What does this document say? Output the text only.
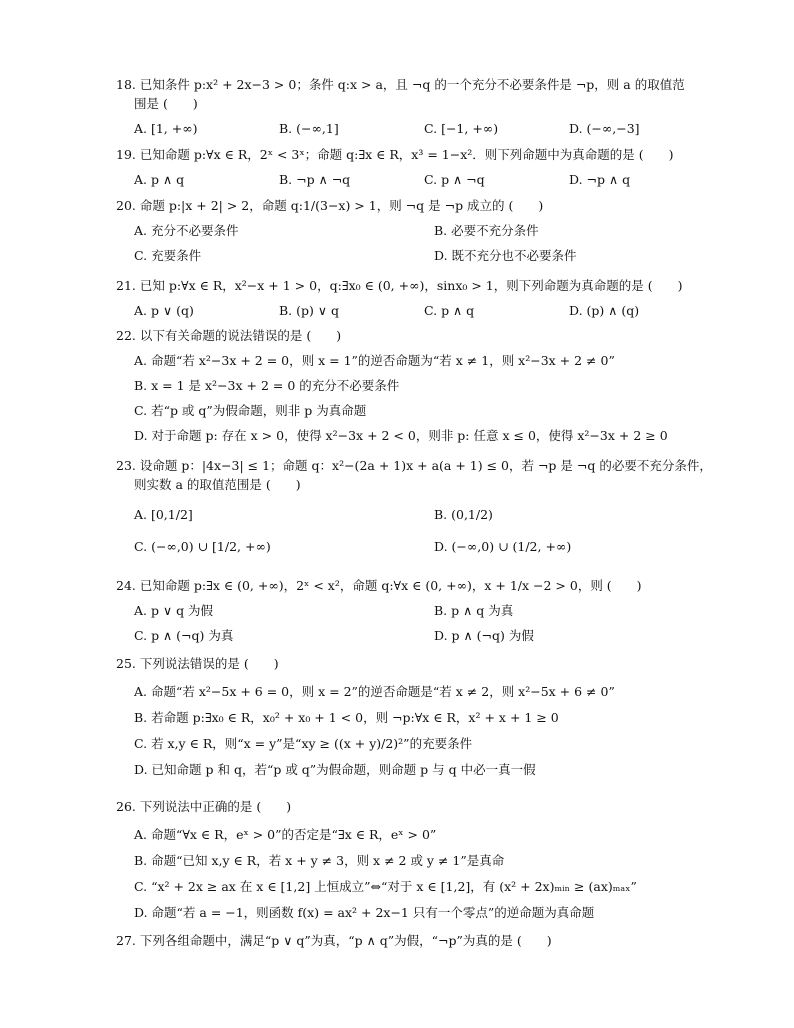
18. 已知条件 p:x² + 2x−3 > 0；条件 q:x > a，且 ¬q 的一个充分不必要条件是 ¬p，则 a 的取值范
围是 (　　)
A. [1, +∞)	B. (−∞,1]	C. [−1, +∞)	D. (−∞,−3]
19. 已知命题 p:∀x ∈ R，2ˣ < 3ˣ；命题 q:∃x ∈ R，x³ = 1−x²．则下列命题中为真命题的是 (　　)
A. p ∧ q	B. ¬p ∧ ¬q	C. p ∧ ¬q	D. ¬p ∧ q
20. 命题 p:|x + 2| > 2，命题 q:1/(3−x) > 1，则 ¬q 是 ¬p 成立的 (　　)
A. 充分不必要条件	B. 必要不充分条件
C. 充要条件	D. 既不充分也不必要条件
21. 已知 p:∀x ∈ R，x²−x + 1 > 0，q:∃x₀ ∈ (0, +∞)，sinx₀ > 1，则下列命题为真命题的是 (　　)
A. p ∨ (q)	B. (p) ∨ q	C. p ∧ q	D. (p) ∧ (q)
22. 以下有关命题的说法错误的是 (　　)
A. 命题“若 x²−3x + 2 = 0，则 x = 1”的逆否命题为“若 x ≠ 1，则 x²−3x + 2 ≠ 0”
B. x = 1 是 x²−3x + 2 = 0 的充分不必要条件
C. 若“p 或 q”为假命题，则非 p 为真命题
D. 对于命题 p: 存在 x > 0，使得 x²−3x + 2 < 0，则非 p: 任意 x ≤ 0，使得 x²−3x + 2 ≥ 0
23. 设命题 p：|4x−3| ≤ 1；命题 q：x²−(2a + 1)x + a(a + 1) ≤ 0，若 ¬p 是 ¬q 的必要不充分条件，
则实数 a 的取值范围是 (　　)
A. [0,1/2]	B. (0,1/2)
C. (−∞,0) ∪ [1/2, +∞)	D. (−∞,0) ∪ (1/2, +∞)
24. 已知命题 p:∃x ∈ (0, +∞)，2ˣ < x²，命题 q:∀x ∈ (0, +∞)，x + 1/x −2 > 0，则 (　　)
A. p ∨ q 为假	B. p ∧ q 为真
C. p ∧ (¬q) 为真	D. p ∧ (¬q) 为假
25. 下列说法错误的是 (　　)
A. 命题“若 x²−5x + 6 = 0，则 x = 2”的逆否命题是“若 x ≠ 2，则 x²−5x + 6 ≠ 0”
B. 若命题 p:∃x₀ ∈ R，x₀² + x₀ + 1 < 0，则 ¬p:∀x ∈ R，x² + x + 1 ≥ 0
C. 若 x,y ∈ R，则“x = y”是“xy ≥ ((x + y)/2)²”的充要条件
D. 已知命题 p 和 q，若“p 或 q”为假命题，则命题 p 与 q 中必一真一假
26. 下列说法中正确的是 (　　)
A. 命题“∀x ∈ R，eˣ > 0”的否定是“∃x ∈ R，eˣ > 0”
B. 命题“已知 x,y ∈ R，若 x + y ≠ 3，则 x ≠ 2 或 y ≠ 1”是真命
C. “x² + 2x ≥ ax 在 x ∈ [1,2] 上恒成立”⇔“对于 x ∈ [1,2]，有 (x² + 2x)ₘᵢₙ ≥ (ax)ₘₐₓ”
D. 命题“若 a = −1，则函数 f(x) = ax² + 2x−1 只有一个零点”的逆命题为真命题
27. 下列各组命题中，满足“p ∨ q”为真，“p ∧ q”为假，“¬p”为真的是 (　　)
